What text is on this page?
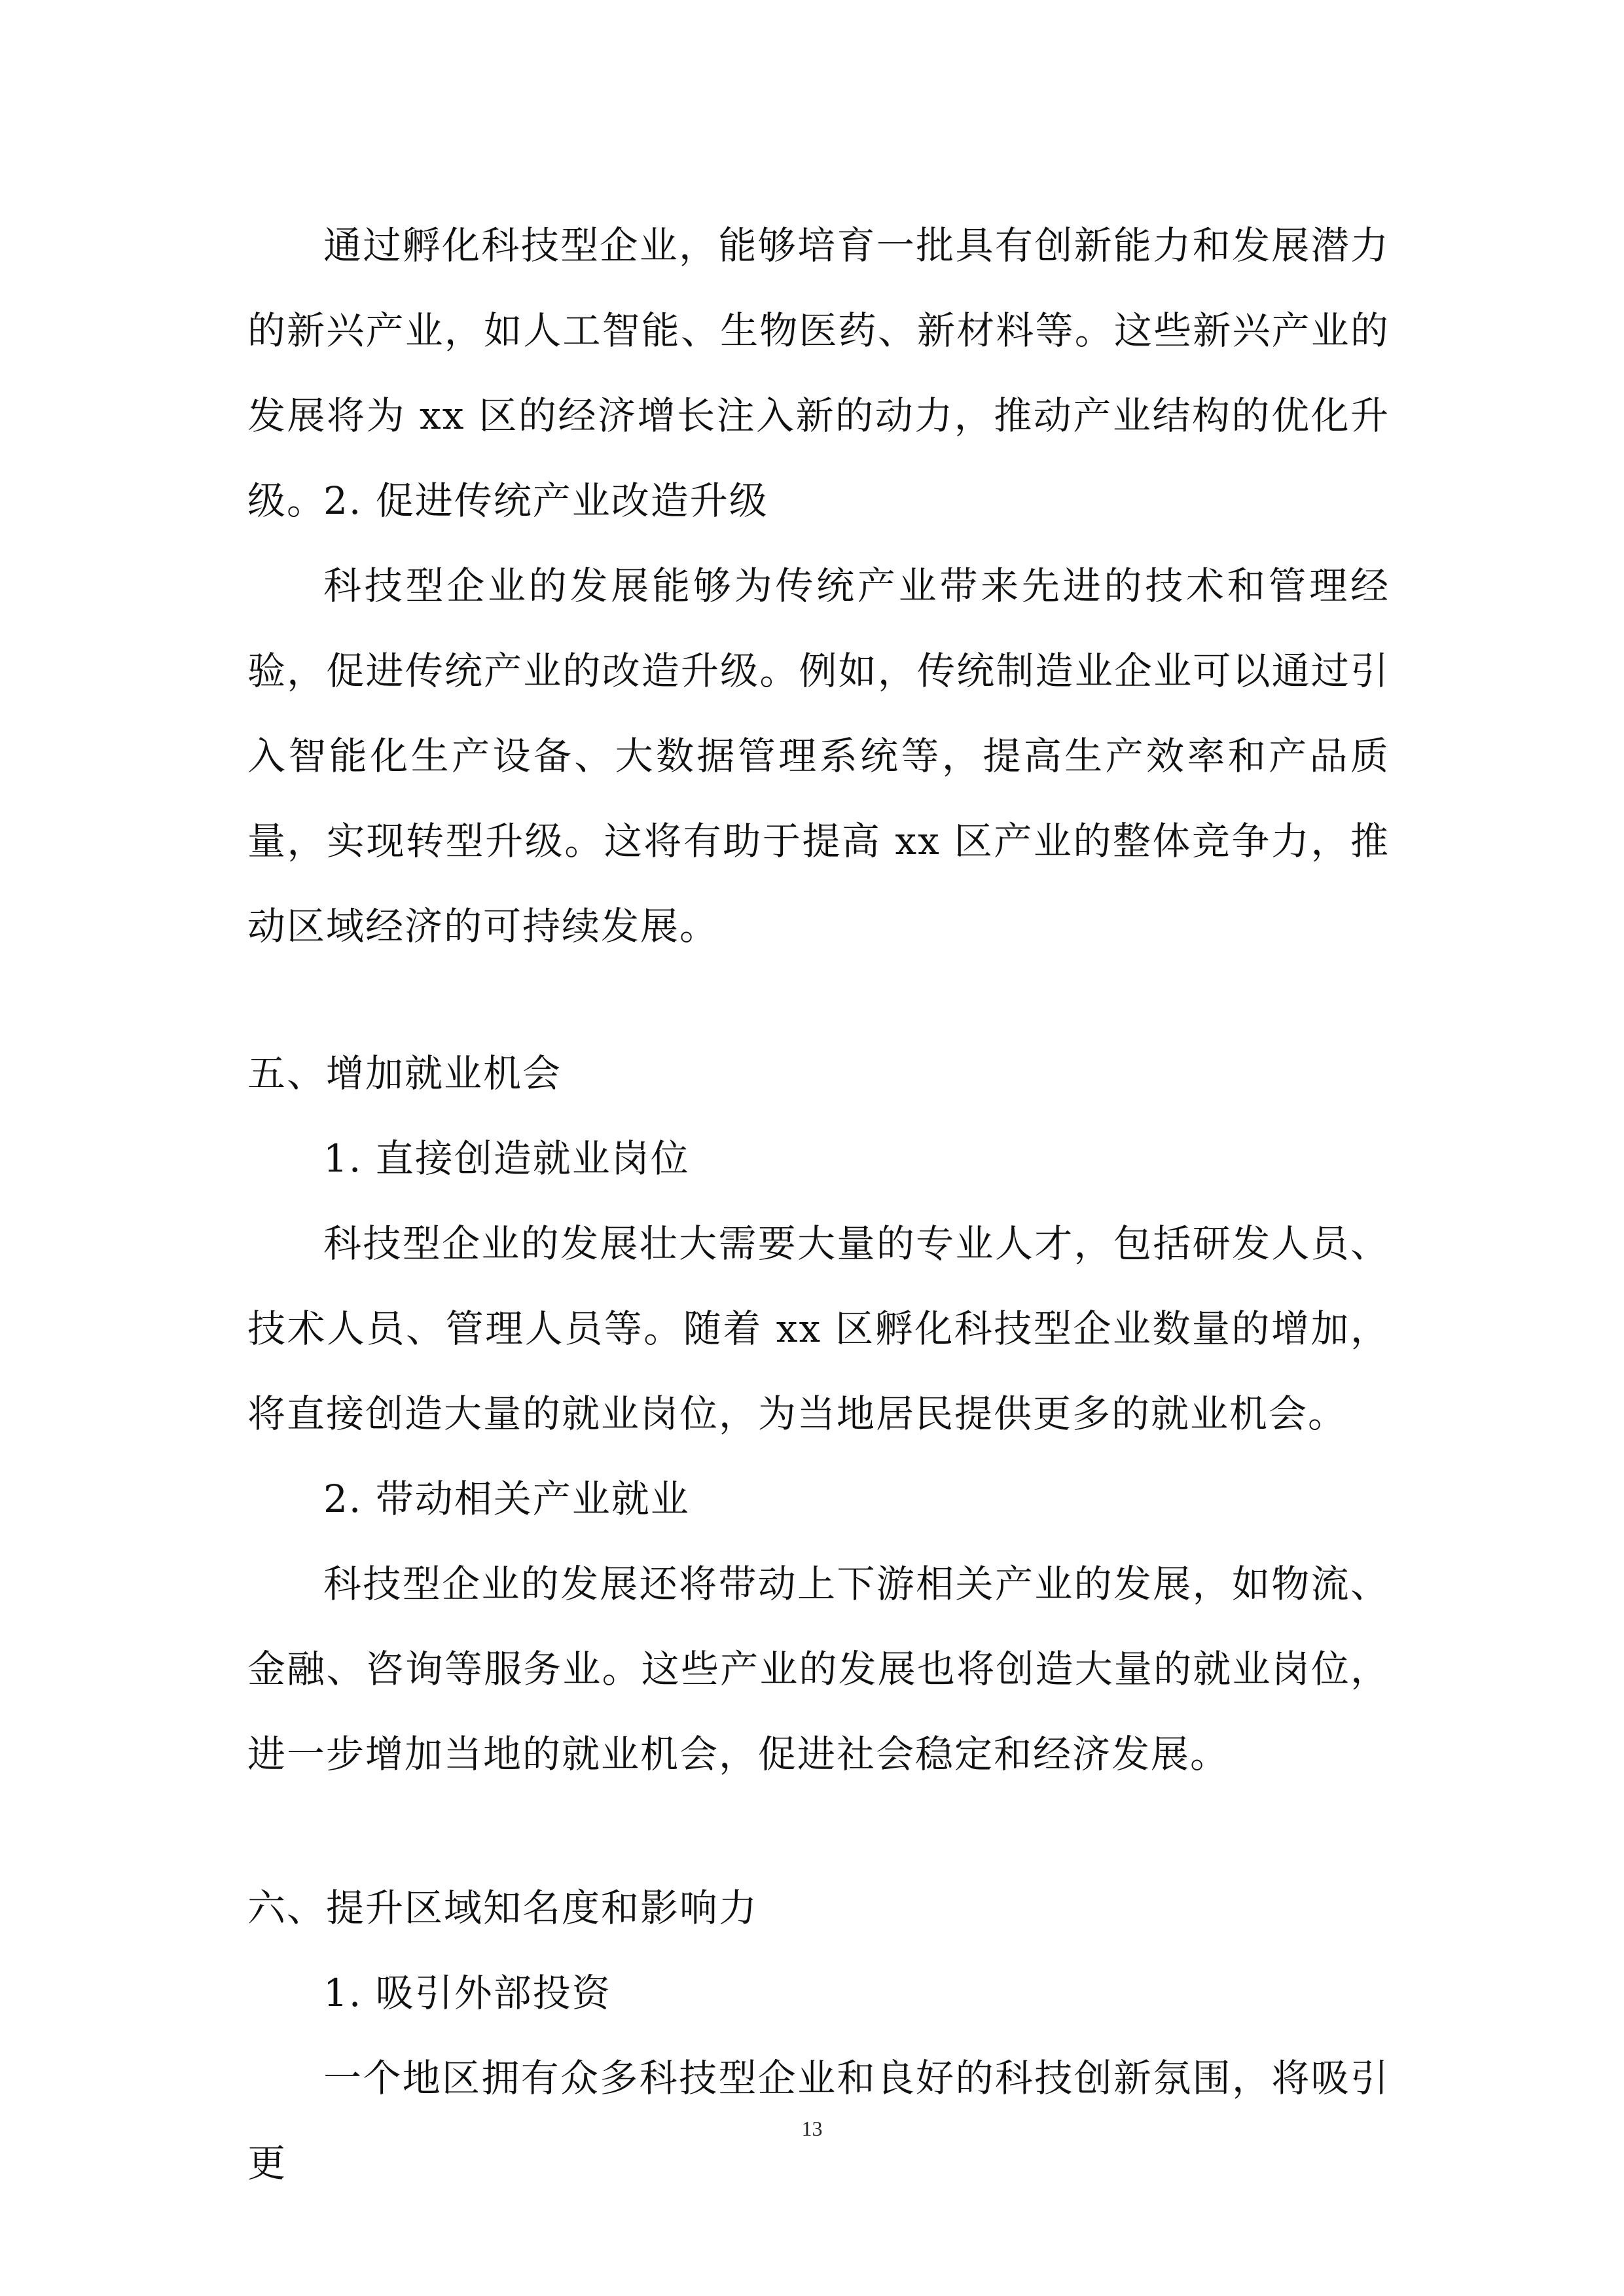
通过孵化科技型企业，能够培育一批具有创新能力和发展潜力的新兴产业，如人工智能、生物医药、新材料等。这些新兴产业的发展将为 xx 区的经济增长注入新的动力，推动产业结构的优化升级。

2. 促进传统产业改造升级

科技型企业的发展能够为传统产业带来先进的技术和管理经验，促进传统产业的改造升级。例如，传统制造业企业可以通过引入智能化生产设备、大数据管理系统等，提高生产效率和产品质量，实现转型升级。这将有助于提高 xx 区产业的整体竞争力，推动区域经济的可持续发展。

五、增加就业机会

1. 直接创造就业岗位

科技型企业的发展壮大需要大量的专业人才，包括研发人员、技术人员、管理人员等。随着 xx 区孵化科技型企业数量的增加，将直接创造大量的就业岗位，为当地居民提供更多的就业机会。

2. 带动相关产业就业

科技型企业的发展还将带动上下游相关产业的发展，如物流、金融、咨询等服务业。这些产业的发展也将创造大量的就业岗位，进一步增加当地的就业机会，促进社会稳定和经济发展。

六、提升区域知名度和影响力

1. 吸引外部投资

一个地区拥有众多科技型企业和良好的科技创新氛围，将吸引更

13
